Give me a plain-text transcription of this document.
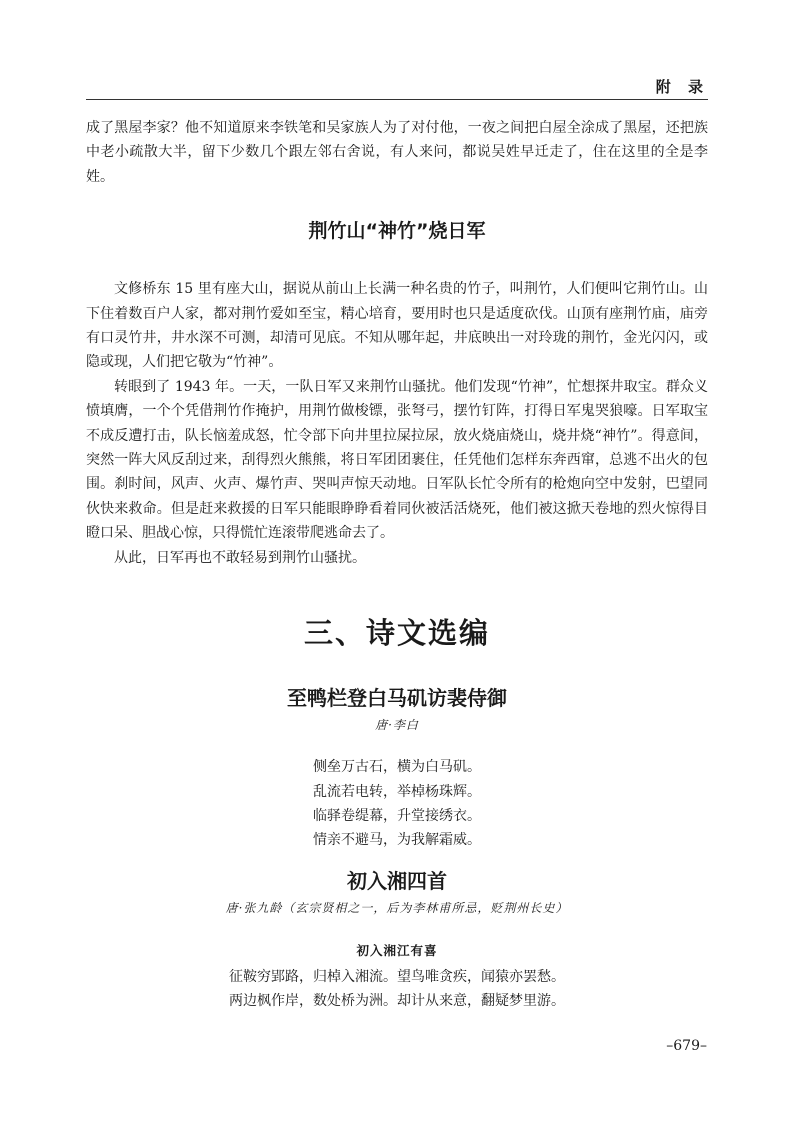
附 录

成了黑屋李家？他不知道原来李铁笔和吴家族人为了对付他，一夜之间把白屋全涂成了黑屋，还把族中老小疏散大半，留下少数几个跟左邻右舍说，有人来问，都说吴姓早迁走了，住在这里的全是李姓。

荆竹山“神竹”烧日军

文修桥东 15 里有座大山，据说从前山上长满一种名贵的竹子，叫荆竹，人们便叫它荆竹山。山下住着数百户人家，都对荆竹爱如至宝，精心培育，要用时也只是适度砍伐。山顶有座荆竹庙，庙旁有口灵竹井，井水深不可测，却清可见底。不知从哪年起，井底映出一对玲珑的荆竹，金光闪闪，或隐或现，人们把它敬为“竹神”。

转眼到了 1943 年。一天，一队日军又来荆竹山骚扰。他们发现“竹神”，忙想探井取宝。群众义愤填膺，一个个凭借荆竹作掩护，用荆竹做梭镖，张弩弓，摆竹钉阵，打得日军鬼哭狼嚎。日军取宝不成反遭打击，队长恼羞成怒，忙令部下向井里拉屎拉尿，放火烧庙烧山，烧井烧“神竹”。得意间，突然一阵大风反刮过来，刮得烈火熊熊，将日军团团裹住，任凭他们怎样东奔西窜，总逃不出火的包围。刹时间，风声、火声、爆竹声、哭叫声惊天动地。日军队长忙令所有的枪炮向空中发射，巴望同伙快来救命。但是赶来救援的日军只能眼睁睁看着同伙被活活烧死，他们被这掀天卷地的烈火惊得目瞪口呆、胆战心惊，只得慌忙连滚带爬逃命去了。

从此，日军再也不敢轻易到荆竹山骚扰。

三、诗文选编
至鸭栏登白马矶访裴侍御
唐·李白

侧垒万古石，横为白马矶。

乱流若电转，举棹杨珠辉。

临驿卷缇幕，升堂接绣衣。

情亲不避马，为我解霜威。

初入湘四首
唐·张九龄（玄宗贤相之一，后为李林甫所忌，贬荆州长史）
初入湘江有喜

征鞍穷郢路，归棹入湘流。望鸟唯贪疾，闻猿亦罢愁。

两边枫作岸，数处桥为洲。却计从来意，翻疑梦里游。

–679–
